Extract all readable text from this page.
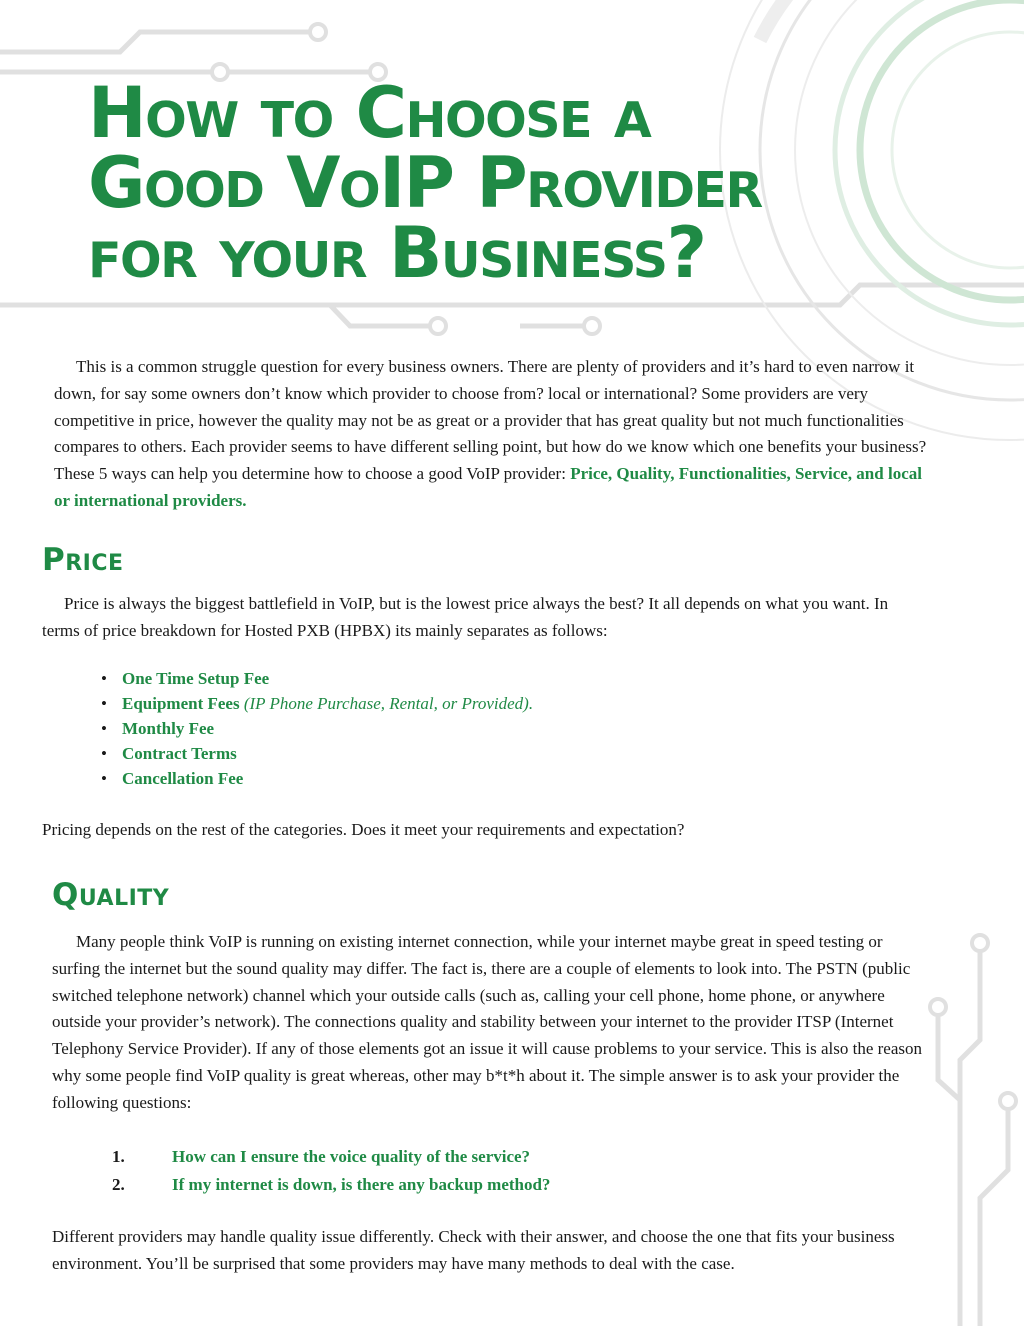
How to Choose a
Good VoIP Provider
for your Business?

This is a common struggle question for every business owners. There are plenty of providers and it’s hard to even narrow it down, for say some owners don’t know which provider to choose from? local or international? Some providers are very competitive in price, however the quality may not be as great or a provider that has great quality but not much functionalities compares to others. Each provider seems to have different selling point, but how do we know which one benefits your business? These 5 ways can help you determine how to choose a good VoIP provider: Price, Quality, Functionalities, Service, and local or international providers.

Price

Price is always the biggest battlefield in VoIP, but is the lowest price always the best? It all depends on what you want. In terms of price breakdown for Hosted PXB (HPBX) its mainly separates as follows:

• One Time Setup Fee
• Equipment Fees (IP Phone Purchase, Rental, or Provided).
• Monthly Fee
• Contract Terms
• Cancellation Fee

Pricing depends on the rest of the categories. Does it meet your requirements and expectation?

Quality

Many people think VoIP is running on existing internet connection, while your internet maybe great in speed testing or surfing the internet but the sound quality may differ. The fact is, there are a couple of elements to look into. The PSTN (public switched telephone network) channel which your outside calls (such as, calling your cell phone, home phone, or anywhere outside your provider’s network). The connections quality and stability between your internet to the provider ITSP (Internet Telephony Service Provider). If any of those elements got an issue it will cause problems to your service. This is also the reason why some people find VoIP quality is great whereas, other may b*t*h about it. The simple answer is to ask your provider the following questions:

1.	How can I ensure the voice quality of the service?
2.	If my internet is down, is there any backup method?

Different providers may handle quality issue differently. Check with their answer, and choose the one that fits your business environment. You’ll be surprised that some providers may have many methods to deal with the case.
